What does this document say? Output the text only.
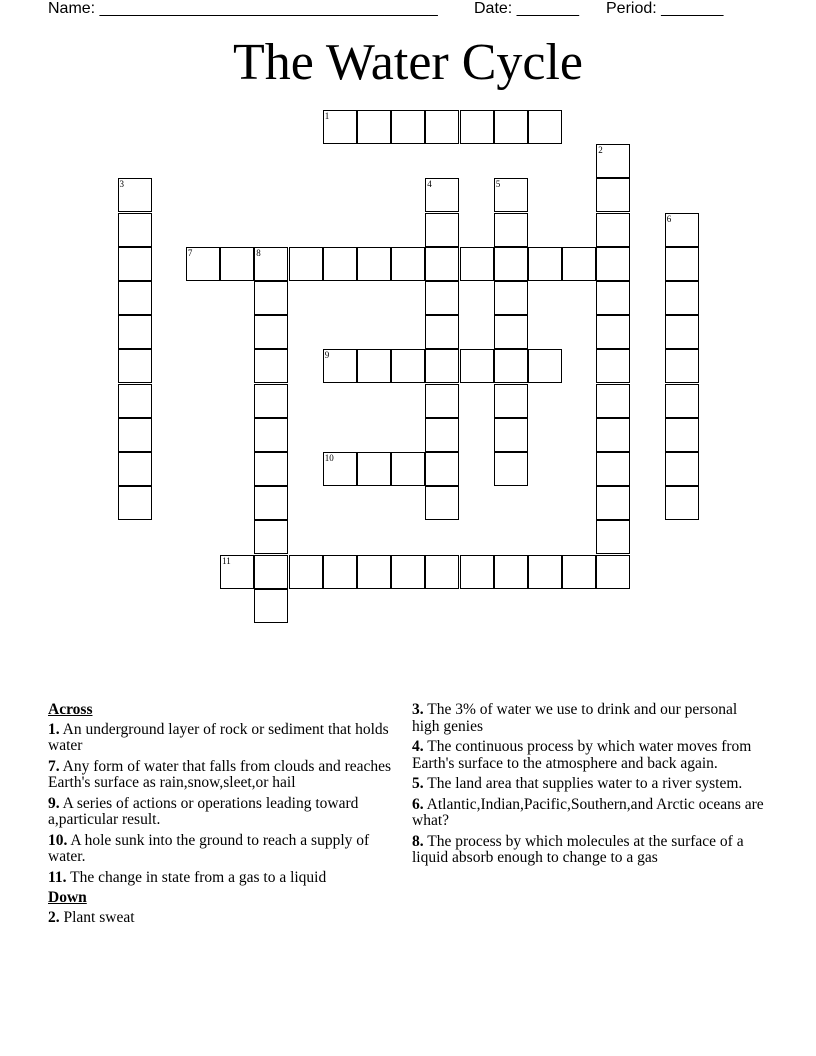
Name: ______________________________________ Date: _______ Period: _______
The Water Cycle
1
2
3	4	5
6
7	8
9
10
11
Across
1. An underground layer of rock or sediment that holds water
7. Any form of water that falls from clouds and reaches Earth's surface as rain,snow,sleet,or hail
9. A series of actions or operations leading toward a,particular result.
10. A hole sunk into the ground to reach a supply of water.
11. The change in state from a gas to a liquid
Down
2. Plant sweat
3. The 3% of water we use to drink and our personal high genies
4. The continuous process by which water moves from Earth's surface to the atmosphere and back again.
5. The land area that supplies water to a river system.
6. Atlantic,Indian,Pacific,Southern,and Arctic oceans are what?
8. The process by which molecules at the surface of a liquid absorb enough to change to a gas
